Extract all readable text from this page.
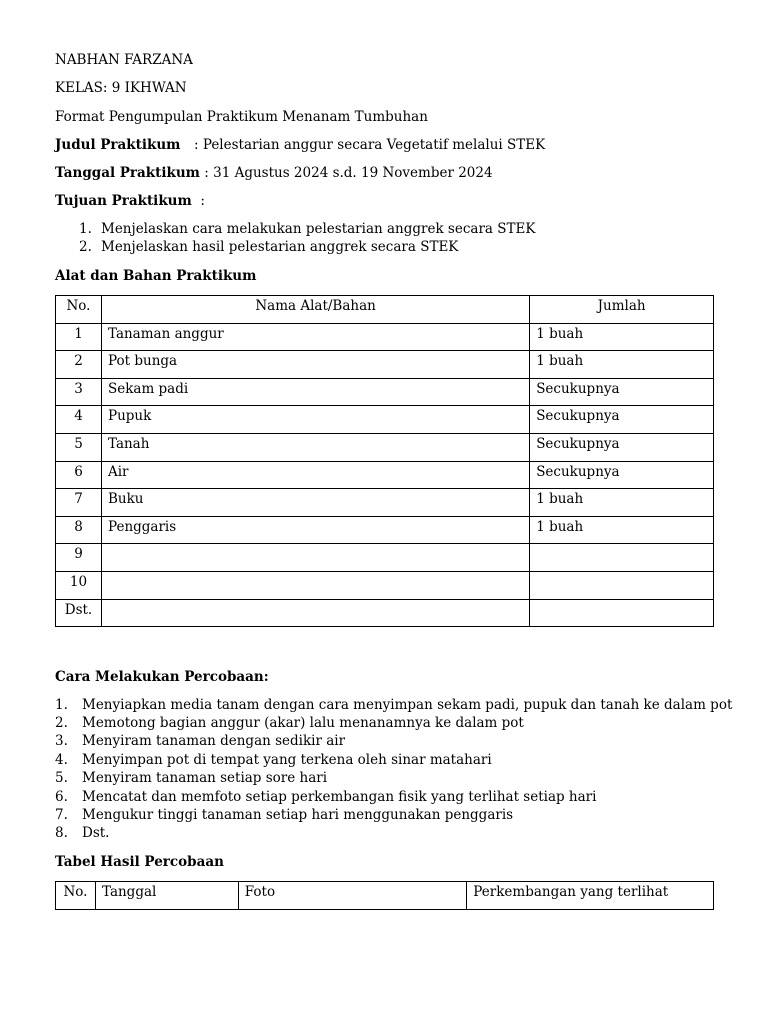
NABHAN FARZANA
KELAS: 9 IKHWAN
Format Pengumpulan Praktikum Menanam Tumbuhan
Judul Praktikum : Pelestarian anggur secara Vegetatif melalui STEK
Tanggal Praktikum : 31 Agustus 2024 s.d. 19 November 2024
Tujuan Praktikum :
1. Menjelaskan cara melakukan pelestarian anggrek secara STEK
2. Menjelaskan hasil pelestarian anggrek secara STEK
Alat dan Bahan Praktikum
No.	Nama Alat/Bahan	Jumlah
1	Tanaman anggur	1 buah
2	Pot bunga	1 buah
3	Sekam padi	Secukupnya
4	Pupuk	Secukupnya
5	Tanah	Secukupnya
6	Air	Secukupnya
7	Buku	1 buah
8	Penggaris	1 buah
9		
10		
Dst.		
Cara Melakukan Percobaan:
1. Menyiapkan media tanam dengan cara menyimpan sekam padi, pupuk dan tanah ke dalam pot
2. Memotong bagian anggur (akar) lalu menanamnya ke dalam pot
3. Menyiram tanaman dengan sedikir air
4. Menyimpan pot di tempat yang terkena oleh sinar matahari
5. Menyiram tanaman setiap sore hari
6. Mencatat dan memfoto setiap perkembangan fisik yang terlihat setiap hari
7. Mengukur tinggi tanaman setiap hari menggunakan penggaris
8. Dst.
Tabel Hasil Percobaan
No.	Tanggal	Foto	Perkembangan yang terlihat
